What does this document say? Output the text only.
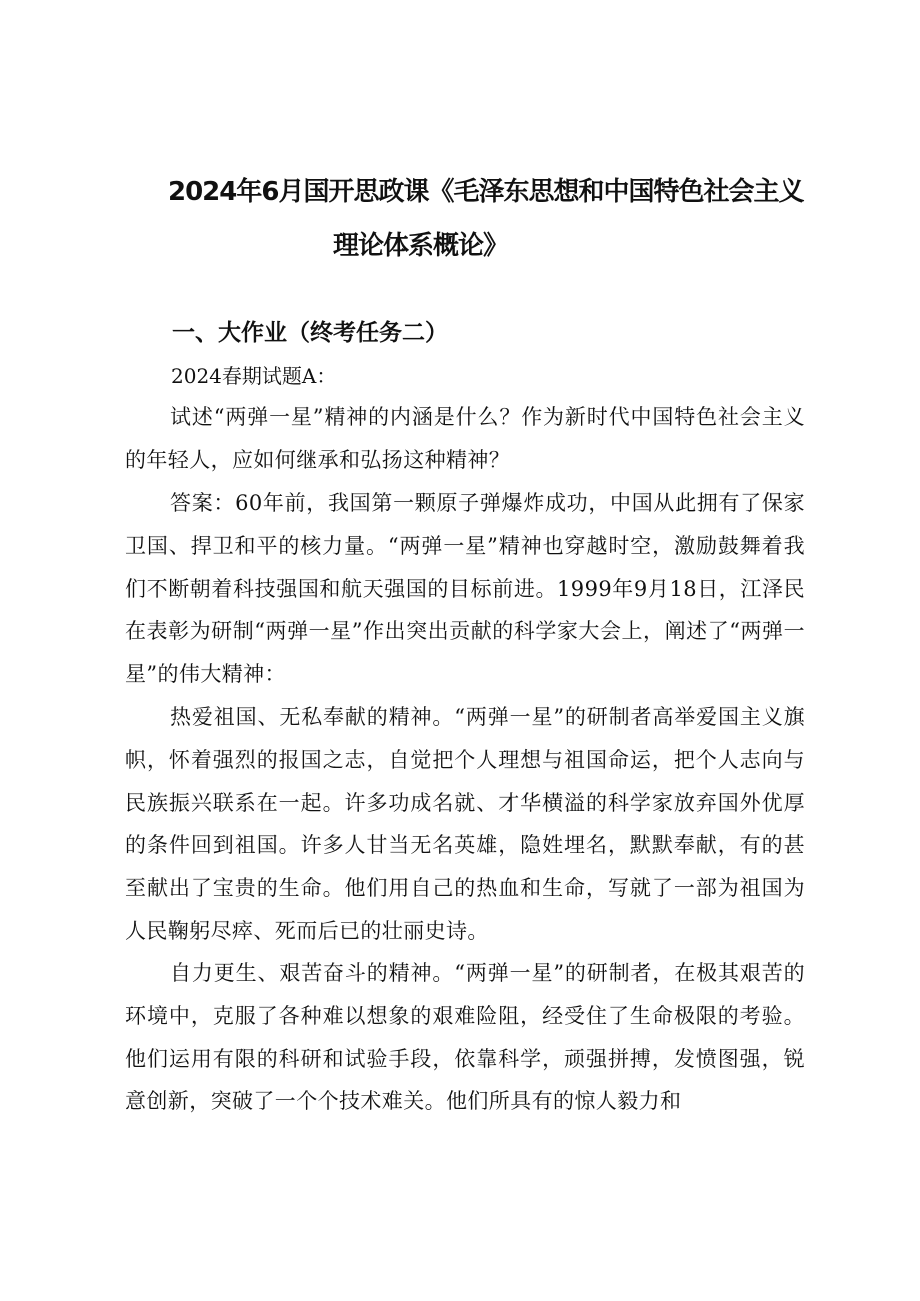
2024年6月国开思政课《毛泽东思想和中国特色社会主义
理论体系概论》
一、大作业（终考任务二）
2024春期试题A：

试述“两弹一星”精神的内涵是什么？作为新时代中国特色社会主义的年轻人，应如何继承和弘扬这种精神？

答案：60年前，我国第一颗原子弹爆炸成功，中国从此拥有了保家卫国、捍卫和平的核力量。“两弹一星”精神也穿越时空，激励鼓舞着我们不断朝着科技强国和航天强国的目标前进。1999年9月18日，江泽民在表彰为研制“两弹一星”作出突出贡献的科学家大会上，阐述了“两弹一星”的伟大精神：

热爱祖国、无私奉献的精神。“两弹一星”的研制者高举爱国主义旗帜，怀着强烈的报国之志，自觉把个人理想与祖国命运，把个人志向与民族振兴联系在一起。许多功成名就、才华横溢的科学家放弃国外优厚的条件回到祖国。许多人甘当无名英雄，隐姓埋名，默默奉献，有的甚至献出了宝贵的生命。他们用自己的热血和生命，写就了一部为祖国为人民鞠躬尽瘁、死而后已的壮丽史诗。

自力更生、艰苦奋斗的精神。“两弹一星”的研制者，在极其艰苦的环境中，克服了各种难以想象的艰难险阻，经受住了生命极限的考验。他们运用有限的科研和试验手段，依靠科学，顽强拼搏，发愤图强，锐意创新，突破了一个个技术难关。他们所具有的惊人毅力和
